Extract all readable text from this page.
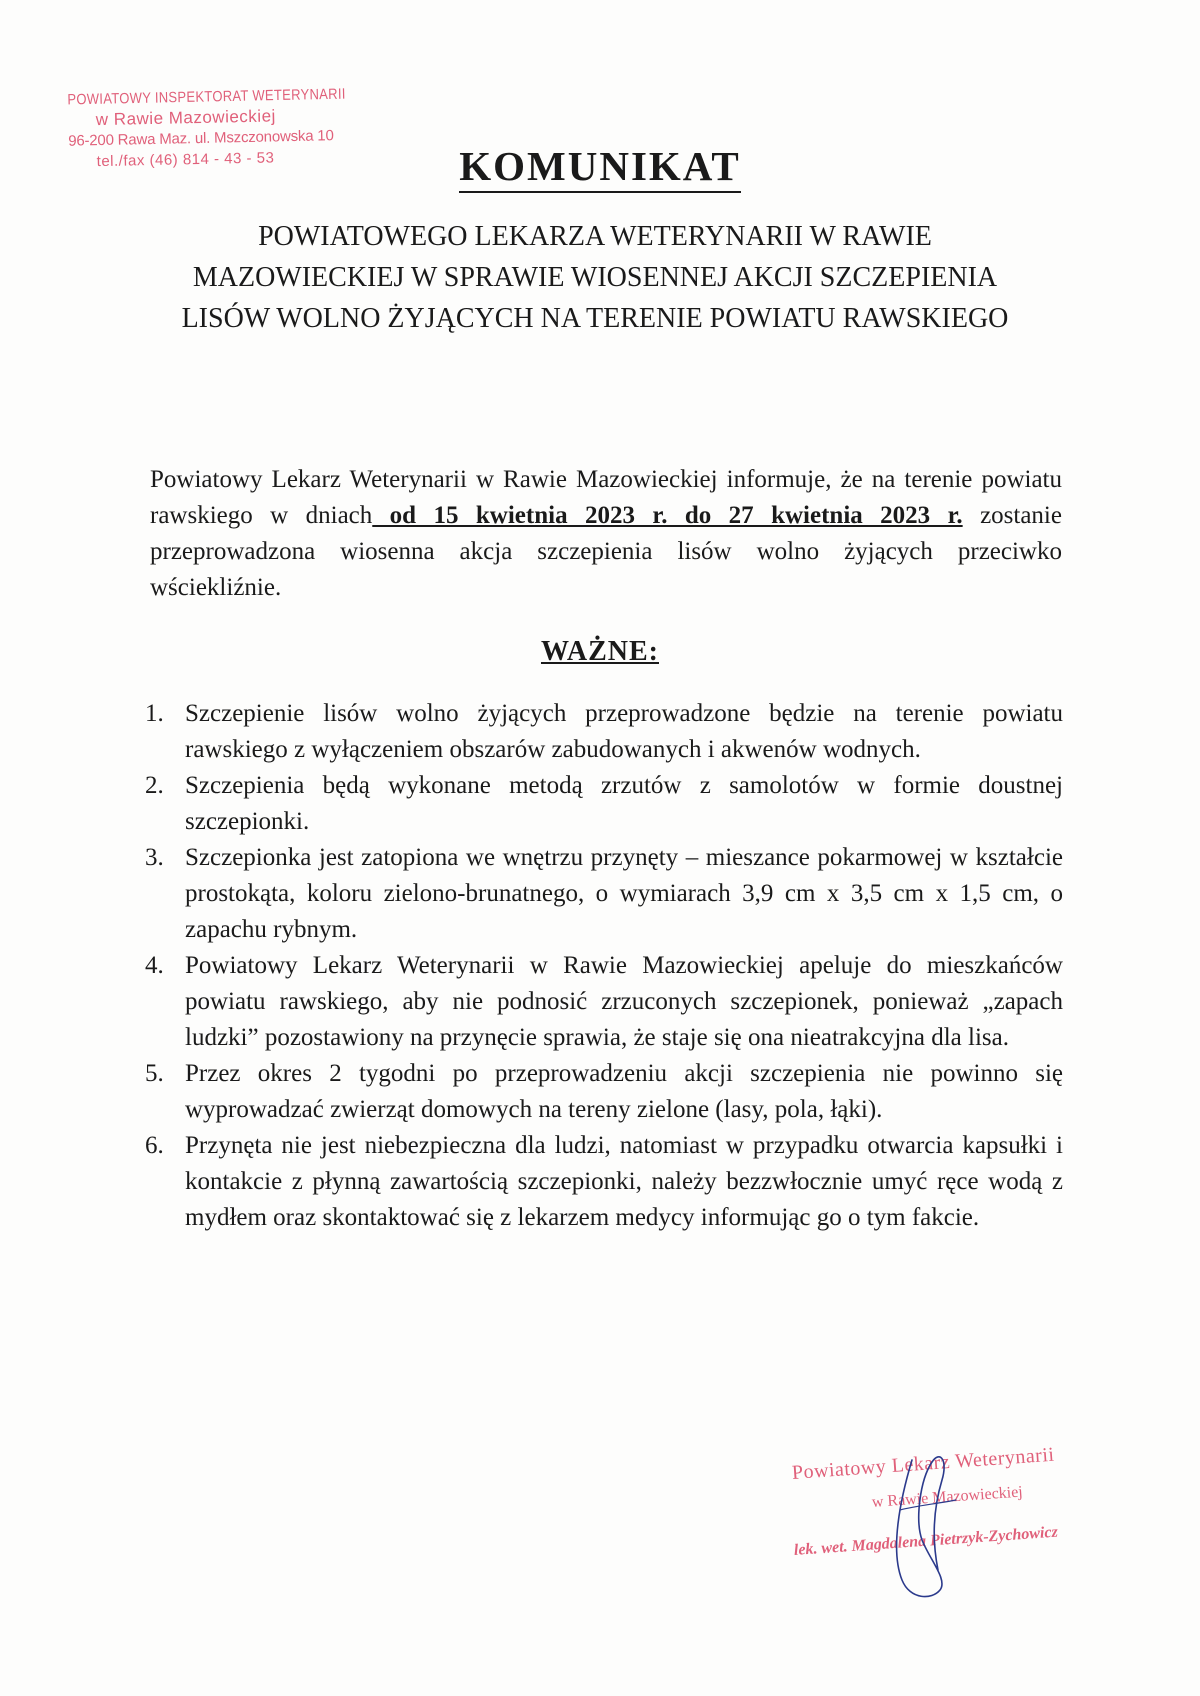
POWIATOWY INSPEKTORAT WETERYNARII
w Rawie Mazowieckiej
96-200 Rawa Maz. ul. Mszczonowska 10
tel./fax (46) 814 - 43 - 53	KOMUNIKAT
POWIATOWEGO LEKARZA WETERYNARII W RAWIE MAZOWIECKIEJ W SPRAWIE WIOSENNEJ AKCJI SZCZEPIENIA LISÓW WOLNO ŻYJĄCYCH NA TERENIE POWIATU RAWSKIEGO

Powiatowy Lekarz Weterynarii w Rawie Mazowieckiej informuje, że na terenie powiatu rawskiego w dniach od 15 kwietnia 2023 r. do 27 kwietnia 2023 r. zostanie przeprowadzona wiosenna akcja szczepienia lisów wolno żyjących przeciwko wściekliźnie.

WAŻNE:
1. Szczepienie lisów wolno żyjących przeprowadzone będzie na terenie powiatu rawskiego z wyłączeniem obszarów zabudowanych i akwenów wodnych.
2. Szczepienia będą wykonane metodą zrzutów z samolotów w formie doustnej szczepionki.
3. Szczepionka jest zatopiona we wnętrzu przynęty – mieszance pokarmowej w kształcie prostokąta, koloru zielono-brunatnego, o wymiarach 3,9 cm x 3,5 cm x 1,5 cm, o zapachu rybnym.
4. Powiatowy Lekarz Weterynarii w Rawie Mazowieckiej apeluje do mieszkańców powiatu rawskiego, aby nie podnosić zrzuconych szczepionek, ponieważ „zapach ludzki” pozostawiony na przynęcie sprawia, że staje się ona nieatrakcyjna dla lisa.
5. Przez okres 2 tygodni po przeprowadzeniu akcji szczepienia nie powinno się wyprowadzać zwierząt domowych na tereny zielone (lasy, pola, łąki).
6. Przynęta nie jest niebezpieczna dla ludzi, natomiast w przypadku otwarcia kapsułki i kontakcie z płynną zawartością szczepionki, należy bezzwłocznie umyć ręce wodą z mydłem oraz skontaktować się z lekarzem medycy informując go o tym fakcie.
Powiatowy Lekarz Weterynarii
w Rawie Mazowieckiej
lek. wet. Magdalena Pietrzyk-Zychowicz
